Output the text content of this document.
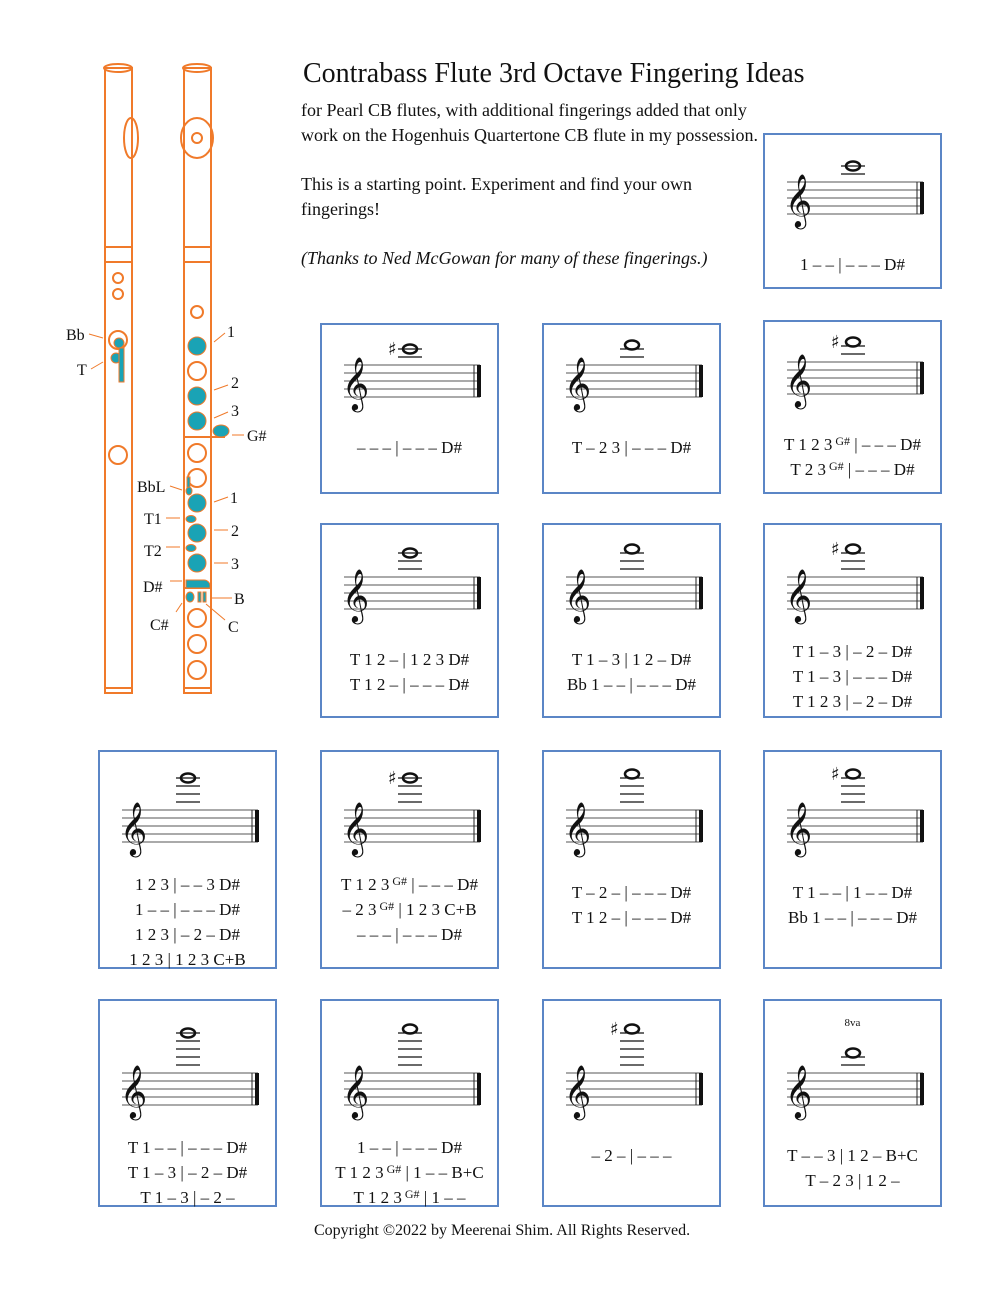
Contrabass Flute 3rd Octave Fingering Ideas

for Pearl CB flutes, with additional fingerings added that only work on the Hogenhuis Quartertone CB flute in my possession.

This is a starting point. Experiment and find your own fingerings!

(Thanks to Ned McGowan for many of these fingerings.)

Bb
T
BbL
T1
T2
D#
C#
1
2
3
G#
1
2
3
B
C
𝄞
1 – – | – – – D#
𝄞
♯
– – – | – – – D#
𝄞
T – 2 3 | – – – D#
𝄞
♯
T 1 2 3 $^{G\#}$ | – – – D#
T 2 3 $^{G\#}$ | – – – D#
𝄞
T 1 2 – | 1 2 3 D#
T 1 2 – | – – – D#
𝄞
T 1 – 3 | 1 2 – D#
Bb 1 – – | – – – D#
𝄞
♯
T 1 – 3 | – 2 – D#
T 1 – 3 | – – – D#
T 1 2 3 | – 2 – D#
𝄞
1 2 3 | – – 3 D#
1 – – | – – – D#
1 2 3 | – 2 – D#
1 2 3 | 1 2 3 C+B
𝄞
♯
T 1 2 3 $^{G\#}$ | – – – D#
– 2 3 $^{G\#}$ | 1 2 3 C+B
– – – | – – – D#
𝄞
T – 2 – | – – – D#
T 1 2 – | – – – D#
𝄞
♯
T 1 – – | 1 – – D#
Bb 1 – – | – – – D#
𝄞
T 1 – – | – – – D#
T 1 – 3 | – 2 – D#
T 1 – 3 | – 2 –
𝄞
1 – – | – – – D#
T 1 2 3 $^{G\#}$ | 1 – – B+C
T 1 2 3 $^{G\#}$ | 1 – –
𝄞
♯
– 2 – | – – –
𝄞
8va
T – – 3 | 1 2 – B+C
T – 2 3 | 1 2 –
Copyright ©2022 by Meerenai Shim. All Rights Reserved.
